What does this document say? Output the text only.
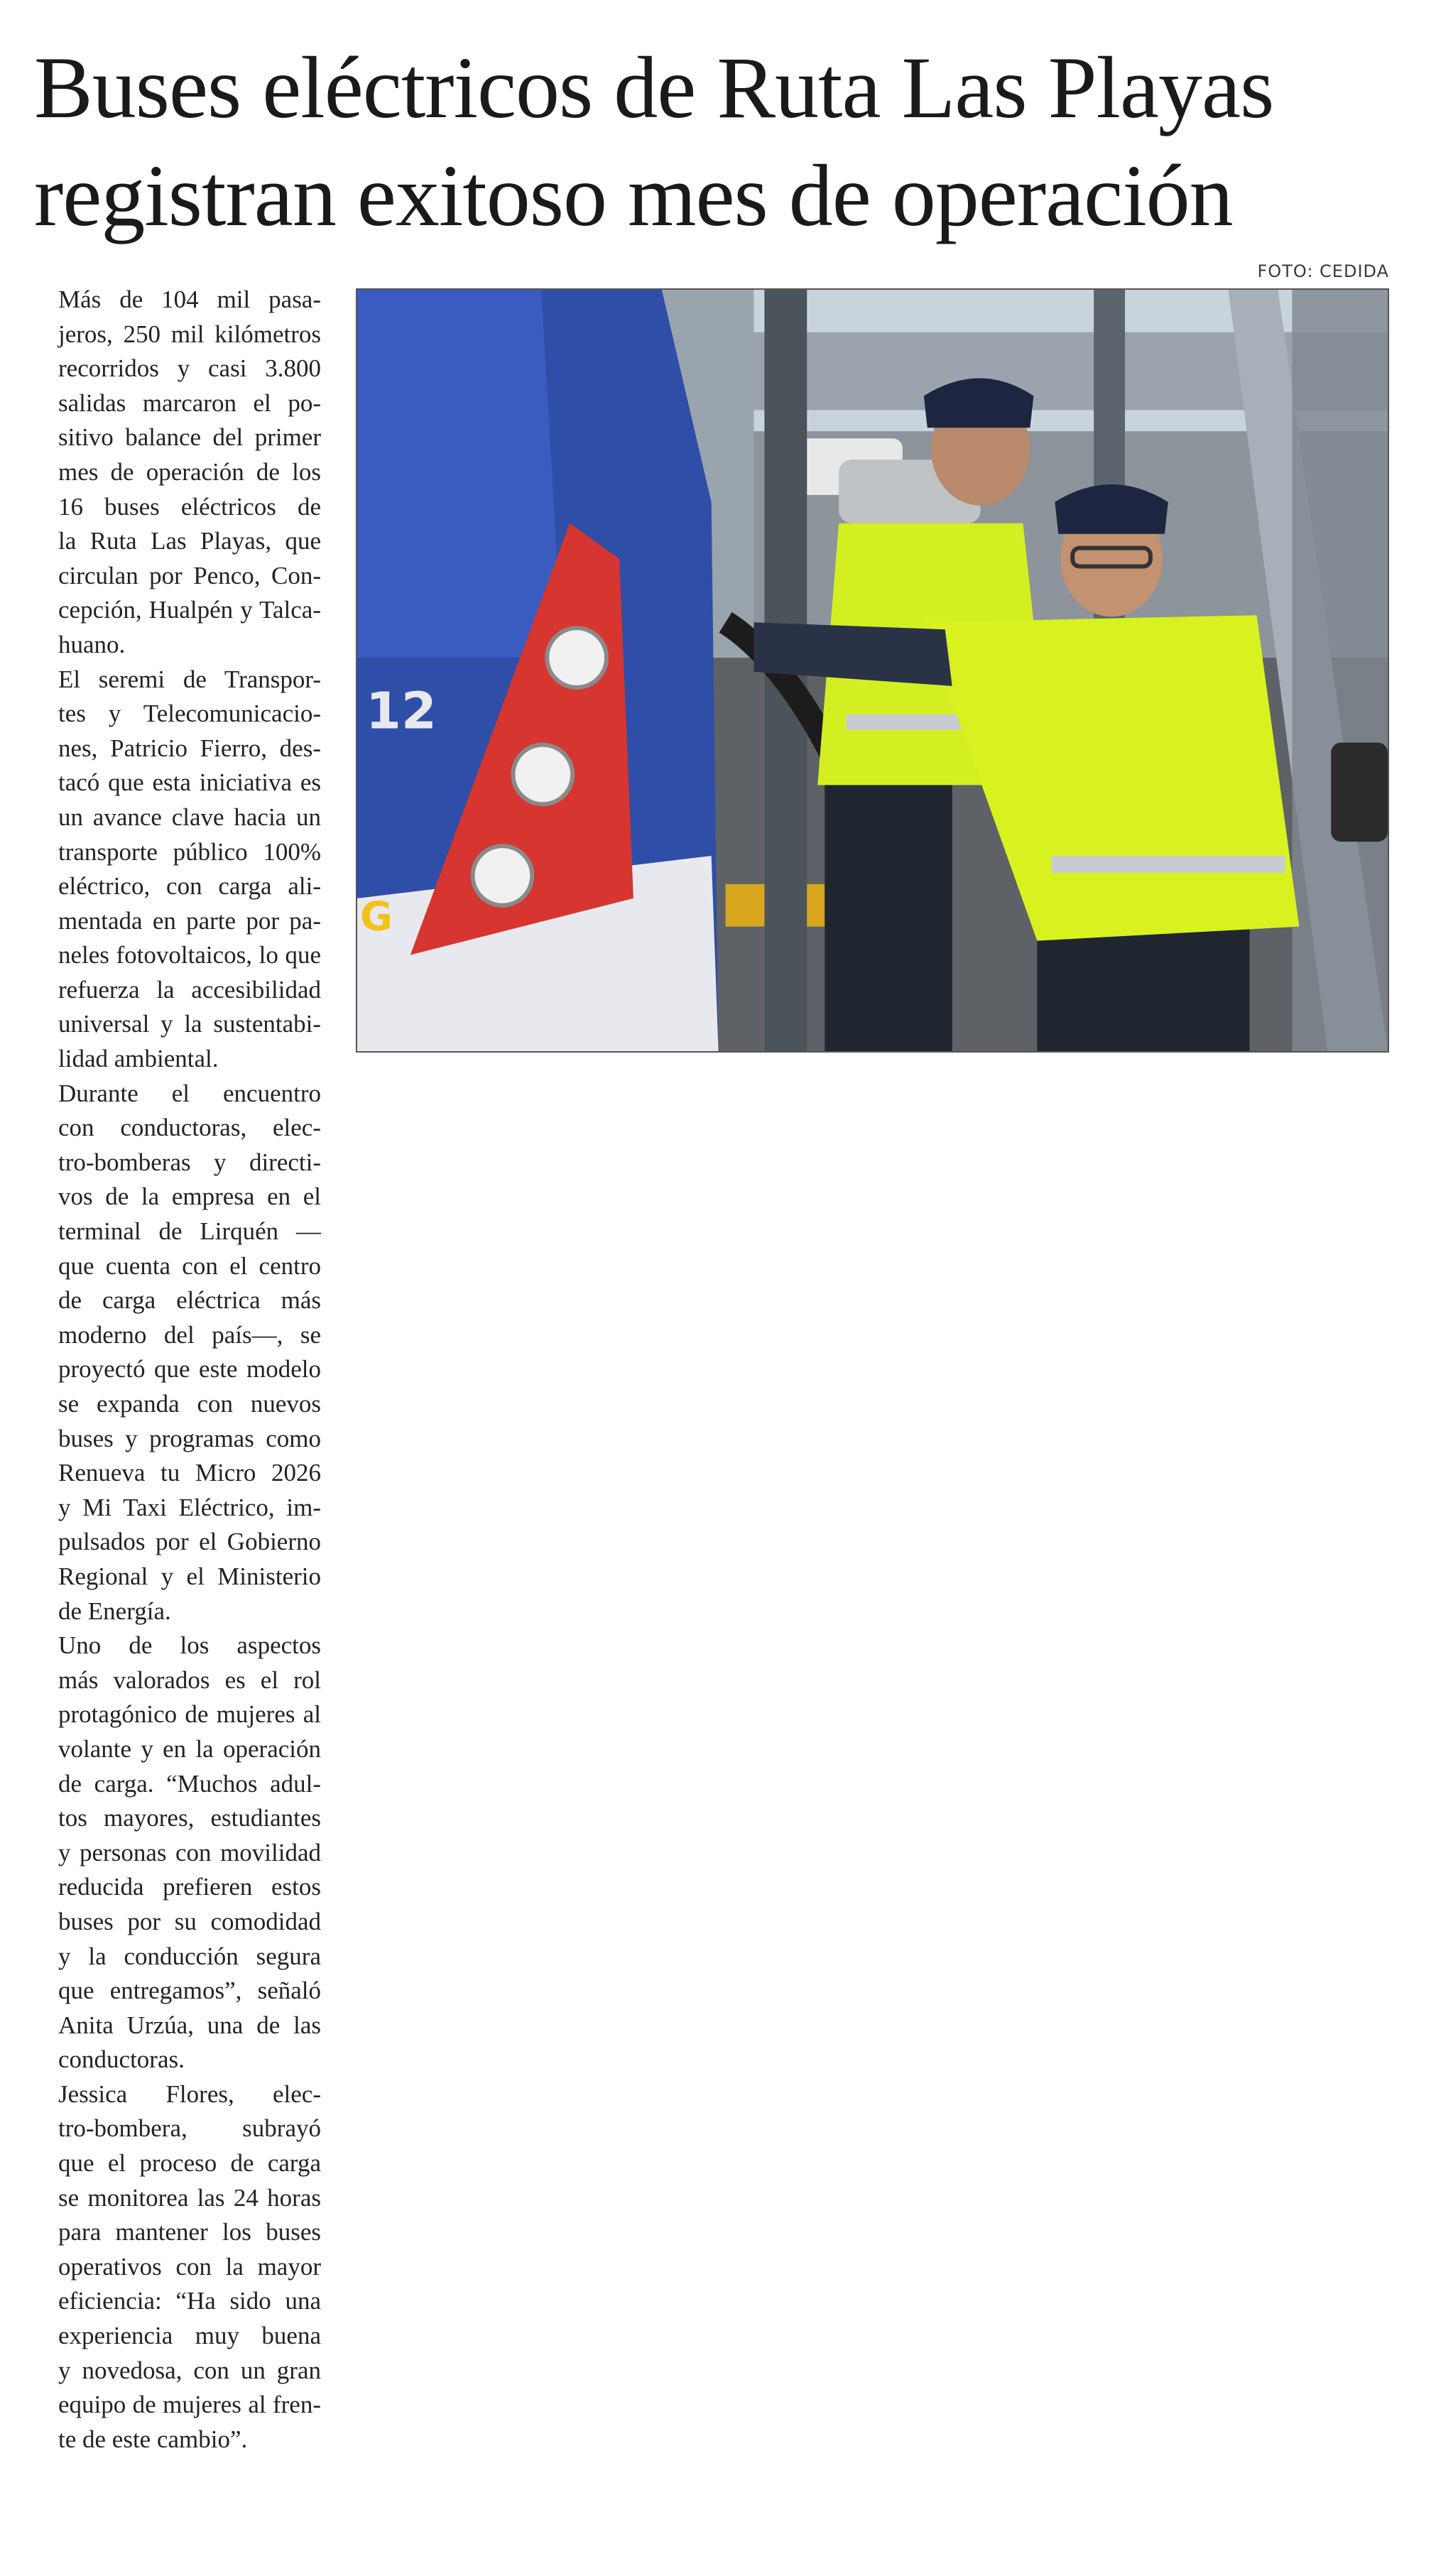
Buses eléctricos de Ruta Las Playas
registran exitoso mes de operación
FOTO: CEDIDA
12
G

Más de 104 mil pasa-
jeros, 250 mil kilómetros
recorridos y casi 3.800
salidas marcaron el po-
sitivo balance del primer
mes de operación de los
16 buses eléctricos de
la Ruta Las Playas, que
circulan por Penco, Con-
cepción, Hualpén y Talca-
huano.

El seremi de Transpor-
tes y Telecomunicacio-
nes, Patricio Fierro, des-
tacó que esta iniciativa es
un avance clave hacia un
transporte público 100%
eléctrico, con carga ali-
mentada en parte por pa-
neles fotovoltaicos, lo que
refuerza la accesibilidad
universal y la sustentabi-
lidad ambiental.

Durante el encuentro
con conductoras, elec-
tro-bomberas y directi-
vos de la empresa en el
terminal de Lirquén —
que cuenta con el centro
de carga eléctrica más
moderno del país—, se
proyectó que este modelo
se expanda con nuevos
buses y programas como
Renueva tu Micro 2026
y Mi Taxi Eléctrico, im-
pulsados por el Gobierno
Regional y el Ministerio
de Energía.

Uno de los aspectos
más valorados es el rol
protagónico de mujeres al
volante y en la operación
de carga. “Muchos adul-
tos mayores, estudiantes
y personas con movilidad
reducida prefieren estos
buses por su comodidad
y la conducción segura
que entregamos”, señaló
Anita Urzúa, una de las
conductoras.

Jessica Flores, elec-
tro-bombera, subrayó
que el proceso de carga
se monitorea las 24 horas
para mantener los buses
operativos con la mayor
eficiencia: “Ha sido una
experiencia muy buena
y novedosa, con un gran
equipo de mujeres al fren-
te de este cambio”.
